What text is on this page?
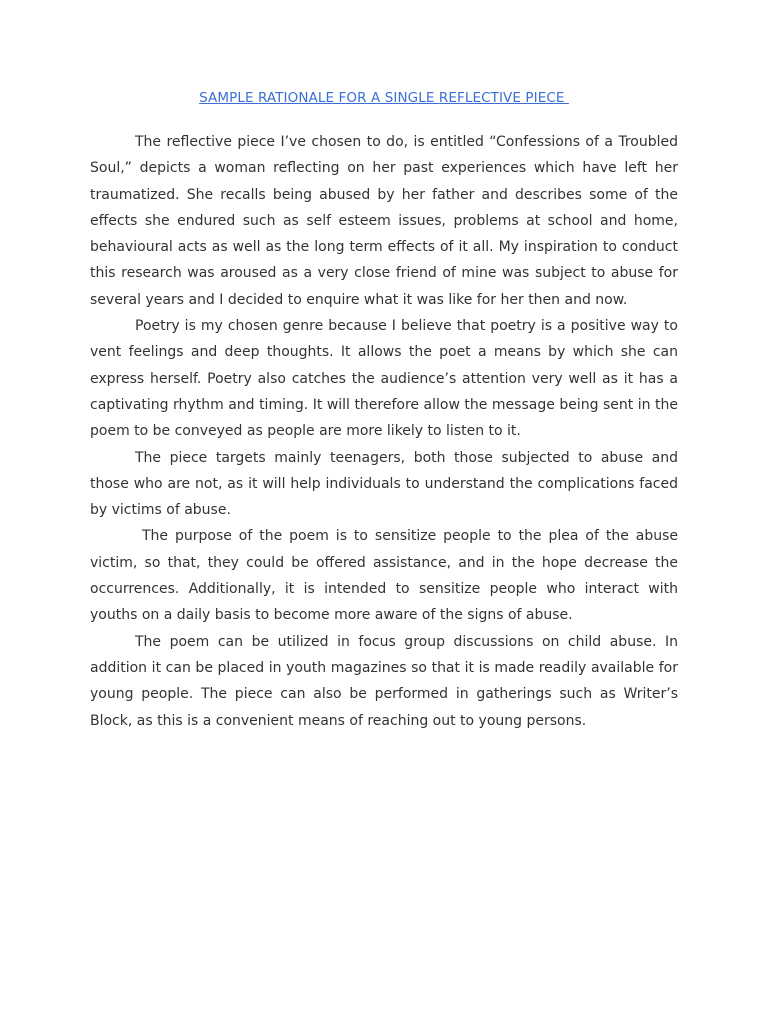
SAMPLE RATIONALE FOR A SINGLE REFLECTIVE PIECE

The reflective piece I’ve chosen to do, is entitled “Confessions of a Troubled Soul,” depicts a woman reflecting on her past experiences which have left her traumatized. She recalls being abused by her father and describes some of the effects she endured such as self esteem issues, problems at school and home, behavioural acts as well as the long term effects of it all. My inspiration to conduct this research was aroused as a very close friend of mine was subject to abuse for several years and I decided to enquire what it was like for her then and now.

Poetry is my chosen genre because I believe that poetry is a positive way to vent feelings and deep thoughts. It allows the poet a means by which she can express herself. Poetry also catches the audience’s attention very well as it has a captivating rhythm and timing. It will therefore allow the message being sent in the poem to be conveyed as people are more likely to listen to it.

The piece targets mainly teenagers, both those subjected to abuse and those who are not, as it will help individuals to understand the complications faced by victims of abuse.

The purpose of the poem is to sensitize people to the plea of the abuse victim, so that, they could be offered assistance, and in the hope decrease the occurrences. Additionally, it is intended to sensitize people who interact with youths on a daily basis to become more aware of the signs of abuse.

The poem can be utilized in focus group discussions on child abuse. In addition it can be placed in youth magazines so that it is made readily available for young people. The piece can also be performed in gatherings such as Writer’s Block, as this is a convenient means of reaching out to young persons.
